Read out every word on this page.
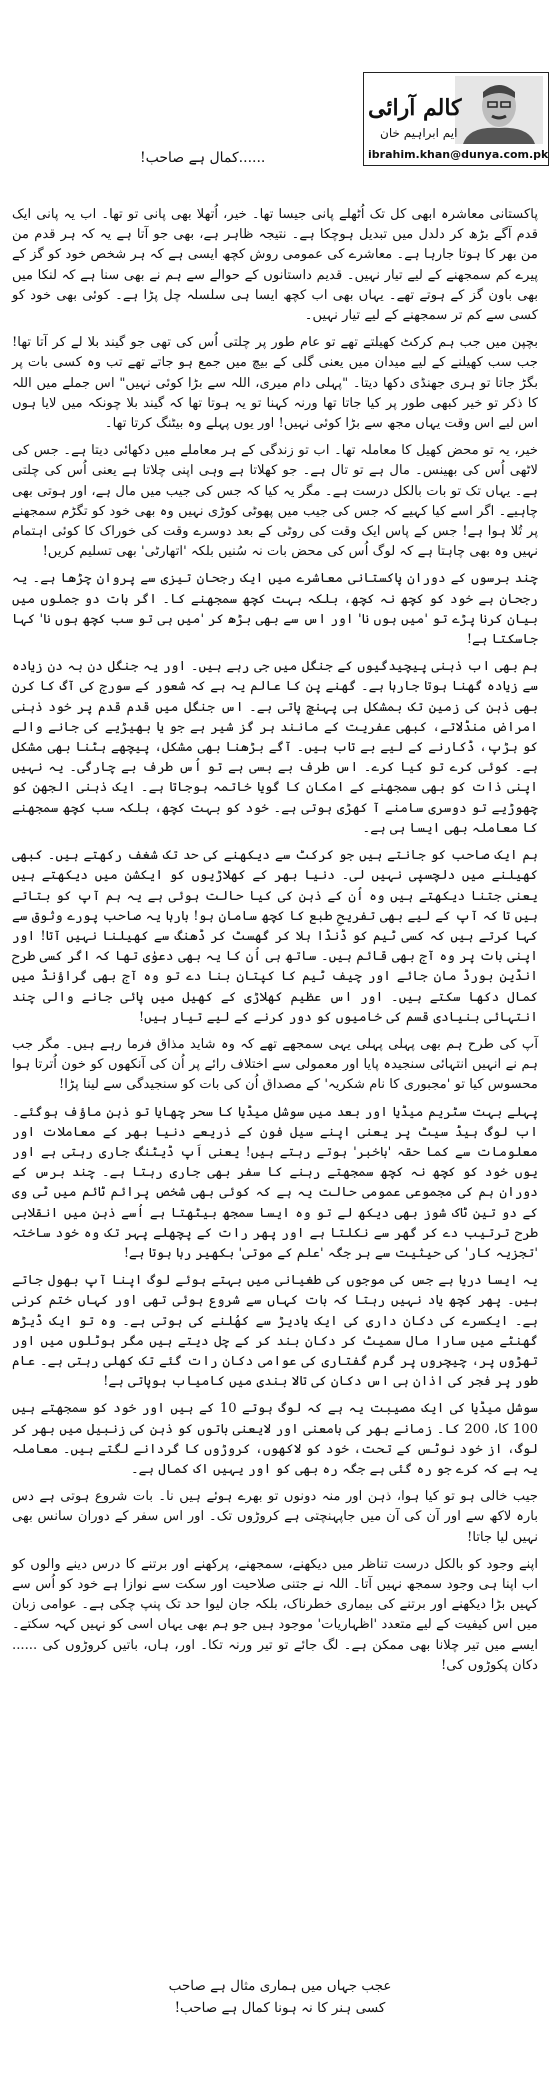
کالم آرائی
ایم ابراہیم خان
ibrahim.khan@dunya.com.pk
......کمال ہے صاحب!

پاکستانی معاشرہ ابھی کل تک اُٹھلے پانی جیسا تھا۔ خیر، اُتھلا بھی پانی تو تھا۔ اب یہ پانی ایک قدم آگے بڑھ کر دلدل میں تبدیل ہوچکا ہے۔ نتیجہ ظاہر ہے، بھی جو آتا ہے یہ کہ ہر قدم من من بھر کا ہوتا جارہا ہے۔ معاشرے کی عمومی روش کچھ ایسی ہے کہ ہر شخص خود کو گز کے پیرے کم سمجھنے کے لیے تیار نہیں۔ قدیم داستانوں کے حوالے سے ہم نے بھی سنا ہے کہ لنکا میں بھی باون گز کے ہوتے تھے۔ یہاں بھی اب کچھ ایسا ہی سلسلہ چل پڑا ہے۔ کوئی بھی خود کو کسی سے کم تر سمجھنے کے لیے تیار نہیں۔

بچپن میں جب ہم کرکٹ کھیلتے تھے تو عام طور پر چلتی اُس کی تھی جو گیند بلا لے کر آتا تھا! جب سب کھیلنے کے لیے میدان میں یعنی گلی کے بیچ میں جمع ہو جاتے تھے تب وہ کسی بات پر بگڑ جاتا تو ہری جھنڈی دکھا دیتا۔ "پہلی دام میری، اللہ سے بڑا کوئی نہیں" اس جملے میں اللہ کا ذکر تو خیر کبھی طور پر کیا جاتا تھا ورنہ کہنا تو یہ ہوتا تھا کہ گیند بلا چونکہ میں لایا ہوں اس لیے اس وقت یہاں مجھ سے بڑا کوئی نہیں! اور یوں پہلے وہ بیٹنگ کرتا تھا۔

خیر، یہ تو محض کھیل کا معاملہ تھا۔ اب تو زندگی کے ہر معاملے میں دکھائی دیتا ہے۔ جس کی لاٹھی اُس کی بھینس۔ مال ہے تو تال ہے۔ جو کھلاتا ہے وہی اپنی چلاتا ہے یعنی اُس کی چلتی ہے۔ یہاں تک تو بات بالکل درست ہے۔ مگر یہ کیا کہ جس کی جیب میں مال ہے، اور ہوتی بھی چاہیے۔ اگر اسے کیا کہیے کہ جس کی جیب میں پھوٹی کوڑی نہیں وہ بھی خود کو تگڑم سمجھنے پر تُلا ہوا ہے! جس کے پاس ایک وقت کی روٹی کے بعد دوسرے وقت کی خوراک کا کوئی اہتمام نہیں وہ بھی چاہتا ہے کہ لوگ اُس کی محض بات نہ سُنیں بلکہ 'اتھارٹی' بھی تسلیم کریں!

چند برسوں کے دوران پاکستانی معاشرے میں ایک رجحان تیزی سے پروان چڑھا ہے۔ یہ رجحان ہے خود کو کچھ نہ کچھ، بلکہ بہت کچھ سمجھنے کا۔ اگر بات دو جملوں میں بیان کرنا پڑے تو 'میں ہوں نا' اور اس سے بھی بڑھ کر 'میں ہی تو سب کچھ ہوں نا' کہا جاسکتا ہے!

ہم بھی اب ذہنی پیچیدگیوں کے جنگل میں جی رہے ہیں۔ اور یہ جنگل دن بہ دن زیادہ سے زیادہ گھنا ہوتا جارہا ہے۔ گھنے پن کا عالم یہ ہے کہ شعور کے سورج کی آگ کا کرن بھی ذہن کی زمین تک بمشکل ہی پہنچ پاتی ہے۔ اس جنگل میں قدم قدم پر خود ذہنی امراض منڈلاتے، کبھی عفریت کے مانند ہر گز شیر ہے جو یا بھیڑیے کی جانے والے کو ہڑپ، ڈکارنے کے لیے بے تاب ہیں۔ آگے بڑھنا بھی مشکل، پیچھے ہٹنا بھی مشکل ہے۔ کوئی کرے تو کیا کرے۔ اس طرف بے بسی ہے تو اُس طرف بے چارگی۔ یہ نہیں اپنی ذات کو بھی سمجھنے کے امکان کا گویا خاتمہ ہوجاتا ہے۔ ایک ذہنی الجھن کو چھوڑیے تو دوسری سامنے آ کھڑی ہوتی ہے۔ خود کو بہت کچھ، بلکہ سب کچھ سمجھنے کا معاملہ بھی ایسا ہی ہے۔

ہم ایک صاحب کو جانتے ہیں جو کرکٹ سے دیکھنے کی حد تک شغف رکھتے ہیں۔ کبھی کھیلنے میں دلچسپی نہیں لی۔ دنیا بھر کے کھلاڑیوں کو ایکشن میں دیکھتے ہیں یعنی جتنا دیکھتے ہیں وہ اُن کے ذہن کی کیا حالت ہوئی ہے یہ ہم آپ کو بتاتے ہیں تا کہ آپ کے لیے بھی تفریحِ طبع کا کچھ سامان ہو! بارہا یہ صاحب پورے وثوق سے کہا کرتے ہیں کہ کسی ٹیم کو ڈنڈا ہلا کر گھسٹ کر ڈھنگ سے کھیلنا نہیں آتا! اور اپنی بات پر وہ آج بھی قائم ہیں۔ ساتھ ہی اُن کا یہ بھی دعوٰی تھا کہ اگر کسی طرح انڈین بورڈ مان جائے اور چیف ٹیم کا کپتان بنا دے تو وہ آج بھی گراؤنڈ میں کمال دکھا سکتے ہیں۔ اور اس عظیم کھلاڑی کے کھیل میں پائی جانے والی چند انتہائی بنیادی قسم کی خامیوں کو دور کرنے کے لیے تیار ہیں!

آپ کی طرح ہم بھی پہلی پہلی یہی سمجھے تھے کہ وہ شاید مذاق فرما رہے ہیں۔ مگر جب ہم نے انہیں انتہائی سنجیدہ پایا اور معمولی سے اختلاف رائے پر اُن کی آنکھوں کو خون اُترتا ہوا محسوس کیا تو 'مجبوری کا نام شکریہ' کے مصداق اُن کی بات کو سنجیدگی سے لینا پڑا!

پہلے بہت سٹریم میڈیا اور بعد میں سوشل میڈیا کا سحر چھایا تو ذہن ماؤف ہوگئے۔ اب لوگ ہیڈ سیٹ پر یعنی اپنے سیل فون کے ذریعے دنیا بھر کے معاملات اور معلومات سے کما حقہ 'باخبر' ہوتے رہتے ہیں! یعنی اَپ ڈیٹنگ جاری رہتی ہے اور یوں خود کو کچھ نہ کچھ سمجھتے رہنے کا سفر بھی جاری رہتا ہے۔ چند برس کے دوران ہم کی مجموعی عمومی حالت یہ ہے کہ کوئی بھی شخص پرائم ٹائم میں ٹی وی کے دو تین ٹاک شوز بھی دیکھ لے تو وہ ایسا سمجھ بیٹھتا ہے اُسے ذہن میں انقلابی طرح ترتیب دے کر گھر سے نکلتا ہے اور پھر رات کے پچھلے پہر تک وہ خود ساختہ 'تجزیہ کار' کی حیثیت سے ہر جگہ 'علم کے موتی' بکھیر رہا ہوتا ہے!

یہ ایسا دریا ہے جس کی موجوں کی طغیانی میں بہتے ہوئے لوگ اپنا آپ بھول جاتے ہیں۔ پھر کچھ یاد نہیں رہتا کہ بات کہاں سے شروع ہوئی تھی اور کہاں ختم کرنی ہے۔ ایکسرے کی دکان داری کی ایک یادیڑ سے کھُلنے کی ہوتی ہے۔ وہ تو ایک ڈیڑھ گھنٹے میں سارا مال سمیٹ کر دکان بند کر کے چل دیتے ہیں مگر ہوٹلوں میں اور تھڑوں پر، چیچروں پر گرم گفتاری کی عوامی دکان رات گئے تک کھلی رہتی ہے۔ عام طور پر فجر کی اذان ہی اس دکان کی تالا بندی میں کامیاب ہوپاتی ہے!

سوشل میڈیا کی ایک مصیبت یہ ہے کہ لوگ ہوتے 10 کے ہیں اور خود کو سمجھتے ہیں 100 کا، 200 کا۔ زمانے بھر کی بامعنی اور لایعنی باتوں کو ذہن کی زنبیل میں بھر کر لوگ، از خود نوٹس کے تحت، خود کو لاکھوں، کروڑوں کا گردانے لگتے ہیں۔ معاملہ یہ ہے کہ کرے جو رہ گئی ہے جگہ رہ بھی کو اور یہیں اک کمال ہے۔

جیب خالی ہو تو کیا ہوا، ذہن اور منہ دونوں تو بھرے ہوئے ہیں نا۔ بات شروع ہوتی ہے دس بارہ لاکھ سے اور آن کی آن میں جاپہنچتی ہے کروڑوں تک۔ اور اس سفر کے دوران سانس بھی نہیں لیا جاتا!

اپنے وجود کو بالکل درست تناظر میں دیکھنے، سمجھنے، پرکھنے اور برتنے کا درس دینے والوں کو اب اپنا ہی وجود سمجھ نہیں آتا۔ اللہ نے جتنی صلاحیت اور سکت سے نوازا ہے خود کو اُس سے کہیں بڑا دیکھنے اور برتنے کی بیماری خطرناک، بلکہ جان لیوا حد تک پنپ چکی ہے۔ عوامی زبان میں اس کیفیت کے لیے متعدد 'اظہاریات' موجود ہیں جو ہم بھی یہاں اسی کو نہیں کہہ سکتے۔ ایسے میں تیر چلانا بھی ممکن ہے۔ لگ جائے تو تیر ورنہ تکا۔ اور، ہاں، باتیں کروڑوں کی ...... دکان پکوڑوں کی!

عجب جہاں میں ہماری مثال ہے صاحب
کسی ہنر کا نہ ہونا کمال ہے صاحب!
